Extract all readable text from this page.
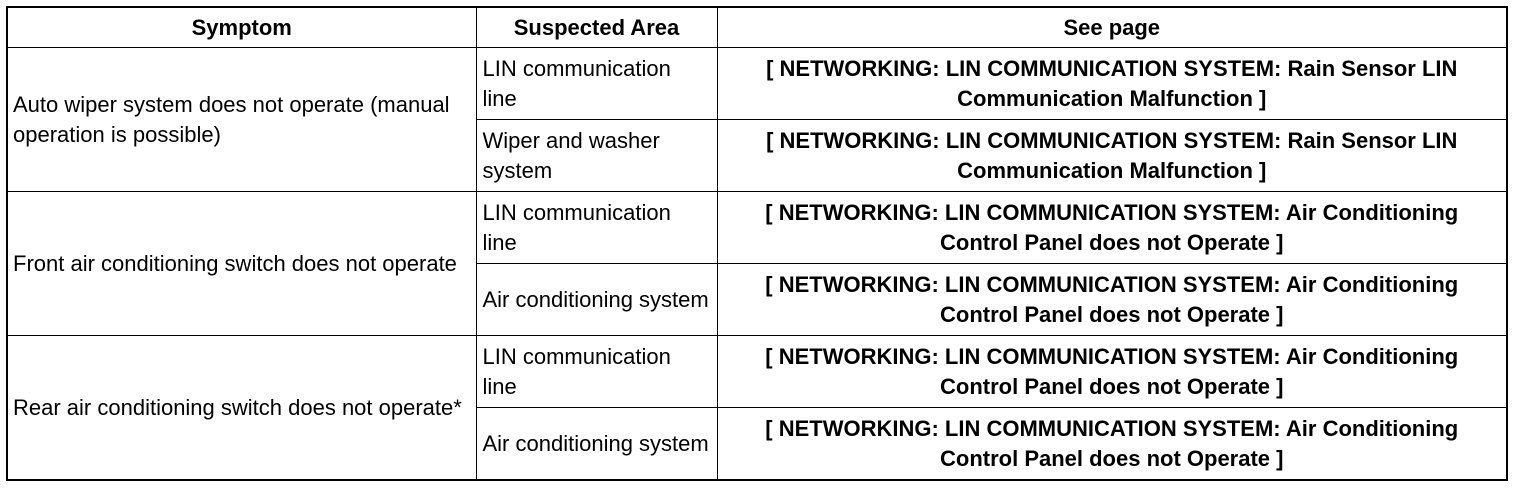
Symptom	Suspected Area	See page
Auto wiper system does not operate (manual operation is possible)	LIN communication line	[ NETWORKING: LIN COMMUNICATION SYSTEM: Rain Sensor LIN Communication Malfunction ]
	Wiper and washer system	[ NETWORKING: LIN COMMUNICATION SYSTEM: Rain Sensor LIN Communication Malfunction ]
Front air conditioning switch does not operate	LIN communication line	[ NETWORKING: LIN COMMUNICATION SYSTEM: Air Conditioning Control Panel does not Operate ]
	Air conditioning system	[ NETWORKING: LIN COMMUNICATION SYSTEM: Air Conditioning Control Panel does not Operate ]
Rear air conditioning switch does not operate*	LIN communication line	[ NETWORKING: LIN COMMUNICATION SYSTEM: Air Conditioning Control Panel does not Operate ]
	Air conditioning system	[ NETWORKING: LIN COMMUNICATION SYSTEM: Air Conditioning Control Panel does not Operate ]
